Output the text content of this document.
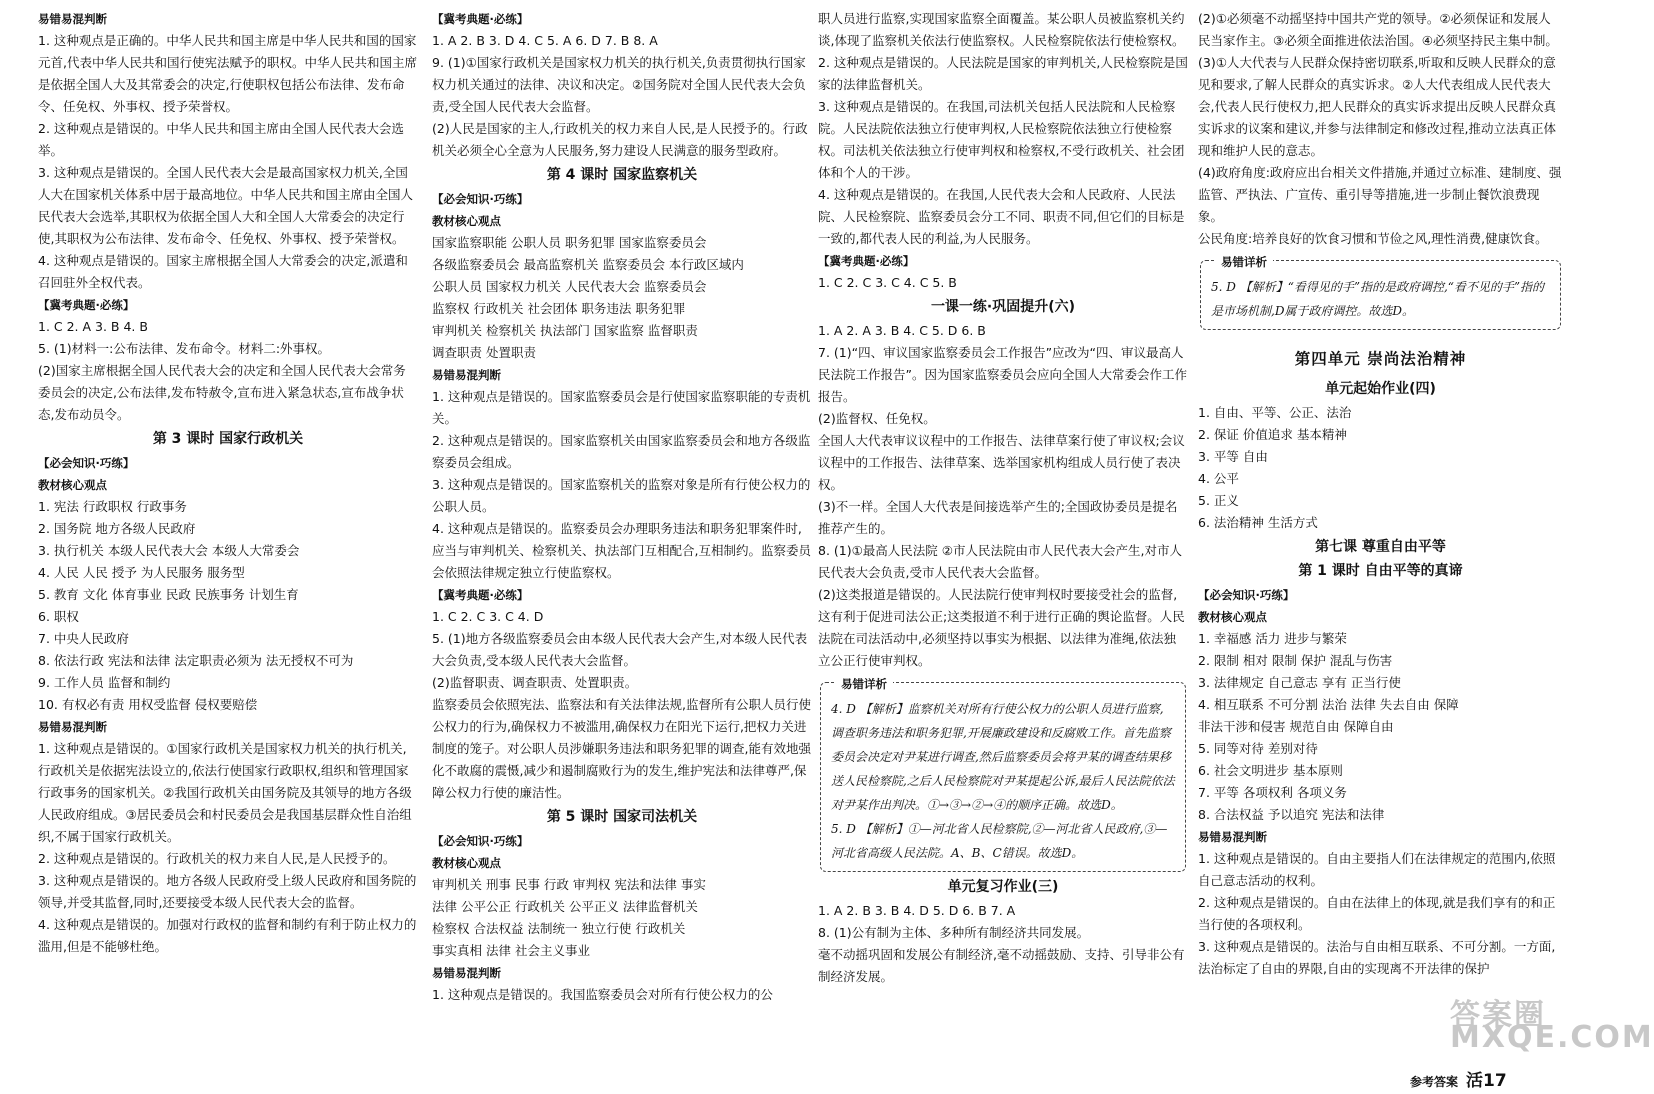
易错易混判断

1. 这种观点是正确的。中华人民共和国主席是中华人民共和国的国家元首,代表中华人民共和国行使宪法赋予的职权。中华人民共和国主席是依据全国人大及其常委会的决定,行使职权包括公布法律、发布命令、任免权、外事权、授予荣誉权。

2. 这种观点是错误的。中华人民共和国主席由全国人民代表大会选举。

3. 这种观点是错误的。全国人民代表大会是最高国家权力机关,全国人大在国家机关体系中居于最高地位。中华人民共和国主席由全国人民代表大会选举,其职权为依据全国人大和全国人大常委会的决定行使,其职权为公布法律、发布命令、任免权、外事权、授予荣誉权。

4. 这种观点是错误的。国家主席根据全国人大常委会的决定,派遣和召回驻外全权代表。

【冀考典题·必练】

1. C 2. A 3. B 4. B

5. (1)材料一:公布法律、发布命令。材料二:外事权。

(2)国家主席根据全国人民代表大会的决定和全国人民代表大会常务委员会的决定,公布法律,发布特赦令,宣布进入紧急状态,宣布战争状态,发布动员令。

第 3 课时 国家行政机关
【必会知识·巧练】
教材核心观点

1. 宪法 行政职权 行政事务

2. 国务院 地方各级人民政府

3. 执行机关 本级人民代表大会 本级人大常委会

4. 人民 人民 授予 为人民服务 服务型

5. 教育 文化 体育事业 民政 民族事务 计划生育

6. 职权

7. 中央人民政府

8. 依法行政 宪法和法律 法定职责必须为 法无授权不可为

9. 工作人员 监督和制约

10. 有权必有责 用权受监督 侵权要赔偿

易错易混判断

1. 这种观点是错误的。①国家行政机关是国家权力机关的执行机关,行政机关是依据宪法设立的,依法行使国家行政职权,组织和管理国家行政事务的国家机关。②我国行政机关由国务院及其领导的地方各级人民政府组成。③居民委员会和村民委员会是我国基层群众性自治组织,不属于国家行政机关。

2. 这种观点是错误的。行政机关的权力来自人民,是人民授予的。

3. 这种观点是错误的。地方各级人民政府受上级人民政府和国务院的领导,并受其监督,同时,还要接受本级人民代表大会的监督。

4. 这种观点是错误的。加强对行政权的监督和制约有利于防止权力的滥用,但是不能够杜绝。

【冀考典题·必练】

1. A 2. B 3. D 4. C 5. A 6. D 7. B 8. A

9. (1)①国家行政机关是国家权力机关的执行机关,负责贯彻执行国家权力机关通过的法律、决议和决定。②国务院对全国人民代表大会负责,受全国人民代表大会监督。

(2)人民是国家的主人,行政机关的权力来自人民,是人民授予的。行政机关必须全心全意为人民服务,努力建设人民满意的服务型政府。

第 4 课时 国家监察机关
【必会知识·巧练】
教材核心观点

国家监察职能 公职人员 职务犯罪 国家监察委员会

各级监察委员会 最高监察机关 监察委员会 本行政区域内

公职人员 国家权力机关 人民代表大会 监察委员会

监察权 行政机关 社会团体 职务违法 职务犯罪

审判机关 检察机关 执法部门 国家监察 监督职责

调查职责 处置职责

易错易混判断

1. 这种观点是错误的。国家监察委员会是行使国家监察职能的专责机关。

2. 这种观点是错误的。国家监察机关由国家监察委员会和地方各级监察委员会组成。

3. 这种观点是错误的。国家监察机关的监察对象是所有行使公权力的公职人员。

4. 这种观点是错误的。监察委员会办理职务违法和职务犯罪案件时,应当与审判机关、检察机关、执法部门互相配合,互相制约。监察委员会依照法律规定独立行使监察权。

【冀考典题·必练】

1. C 2. C 3. C 4. D

5. (1)地方各级监察委员会由本级人民代表大会产生,对本级人民代表大会负责,受本级人民代表大会监督。

(2)监督职责、调查职责、处置职责。

监察委员会依照宪法、监察法和有关法律法规,监督所有公职人员行使公权力的行为,确保权力不被滥用,确保权力在阳光下运行,把权力关进制度的笼子。对公职人员涉嫌职务违法和职务犯罪的调查,能有效地强化不敢腐的震慑,减少和遏制腐败行为的发生,维护宪法和法律尊严,保障公权力行使的廉洁性。

第 5 课时 国家司法机关
【必会知识·巧练】
教材核心观点

审判机关 刑事 民事 行政 审判权 宪法和法律 事实

法律 公平公正 行政机关 公平正义 法律监督机关

检察权 合法权益 法制统一 独立行使 行政机关

事实真相 法律 社会主义事业

易错易混判断

1. 这种观点是错误的。我国监察委员会对所有行使公权力的公

职人员进行监察,实现国家监察全面覆盖。某公职人员被监察机关约谈,体现了监察机关依法行使监察权。人民检察院依法行使检察权。

2. 这种观点是错误的。人民法院是国家的审判机关,人民检察院是国家的法律监督机关。

3. 这种观点是错误的。在我国,司法机关包括人民法院和人民检察院。人民法院依法独立行使审判权,人民检察院依法独立行使检察权。司法机关依法独立行使审判权和检察权,不受行政机关、社会团体和个人的干涉。

4. 这种观点是错误的。在我国,人民代表大会和人民政府、人民法院、人民检察院、监察委员会分工不同、职责不同,但它们的目标是一致的,都代表人民的利益,为人民服务。

【冀考典题·必练】

1. C 2. C 3. C 4. C 5. B

一课一练·巩固提升(六)

1. A 2. A 3. B 4. C 5. D 6. B

7. (1)“四、审议国家监察委员会工作报告”应改为“四、审议最高人民法院工作报告”。因为国家监察委员会应向全国人大常委会作工作报告。

(2)监督权、任免权。

全国人大代表审议议程中的工作报告、法律草案行使了审议权;会议议程中的工作报告、法律草案、选举国家机构组成人员行使了表决权。

(3)不一样。全国人大代表是间接选举产生的;全国政协委员是提名推荐产生的。

8. (1)①最高人民法院 ②市人民法院由市人民代表大会产生,对市人民代表大会负责,受市人民代表大会监督。

(2)这类报道是错误的。人民法院行使审判权时要接受社会的监督,这有利于促进司法公正;这类报道不利于进行正确的舆论监督。人民法院在司法活动中,必须坚持以事实为根据、以法律为准绳,依法独立公正行使审判权。

易错详析

4. D 【解析】监察机关对所有行使公权力的公职人员进行监察,调查职务违法和职务犯罪,开展廉政建设和反腐败工作。首先监察委员会决定对尹某进行调查,然后监察委员会将尹某的调查结果移送人民检察院,之后人民检察院对尹某提起公诉,最后人民法院依法对尹某作出判决。①→③→②→④的顺序正确。故选D。

5. D 【解析】①—河北省人民检察院,②—河北省人民政府,③—河北省高级人民法院。A、B、C错误。故选D。

单元复习作业(三)

1. A 2. B 3. B 4. D 5. D 6. B 7. A

8. (1)公有制为主体、多种所有制经济共同发展。

毫不动摇巩固和发展公有制经济,毫不动摇鼓励、支持、引导非公有制经济发展。

(2)①必须毫不动摇坚持中国共产党的领导。②必须保证和发展人民当家作主。③必须全面推进依法治国。④必须坚持民主集中制。

(3)①人大代表与人民群众保持密切联系,听取和反映人民群众的意见和要求,了解人民群众的真实诉求。②人大代表组成人民代表大会,代表人民行使权力,把人民群众的真实诉求提出反映人民群众真实诉求的议案和建议,并参与法律制定和修改过程,推动立法真正体现和维护人民的意志。

(4)政府角度:政府应出台相关文件措施,并通过立标准、建制度、强监管、严执法、广宣传、重引导等措施,进一步制止餐饮浪费现象。

公民角度:培养良好的饮食习惯和节俭之风,理性消费,健康饮食。

易错详析

5. D 【解析】“看得见的手”指的是政府调控,“看不见的手”指的是市场机制,D属于政府调控。故选D。

第四单元 崇尚法治精神
单元起始作业(四)

1. 自由、平等、公正、法治

2. 保证 价值追求 基本精神

3. 平等 自由

4. 公平

5. 正义

6. 法治精神 生活方式

第七课 尊重自由平等
第 1 课时 自由平等的真谛
【必会知识·巧练】
教材核心观点

1. 幸福感 活力 进步与繁荣

2. 限制 相对 限制 保护 混乱与伤害

3. 法律规定 自己意志 享有 正当行使

4. 相互联系 不可分割 法治 法律 失去自由 保障

非法干涉和侵害 规范自由 保障自由

5. 同等对待 差别对待

6. 社会文明进步 基本原则

7. 平等 各项权利 各项义务

8. 合法权益 予以追究 宪法和法律

易错易混判断

1. 这种观点是错误的。自由主要指人们在法律规定的范围内,依照自己意志活动的权利。

2. 这种观点是错误的。自由在法律上的体现,就是我们享有的和正当行使的各项权利。

3. 这种观点是错误的。法治与自由相互联系、不可分割。一方面,法治标定了自由的界限,自由的实现离不开法律的保护

答案圈 MXQE.COM
参考答案 活17
